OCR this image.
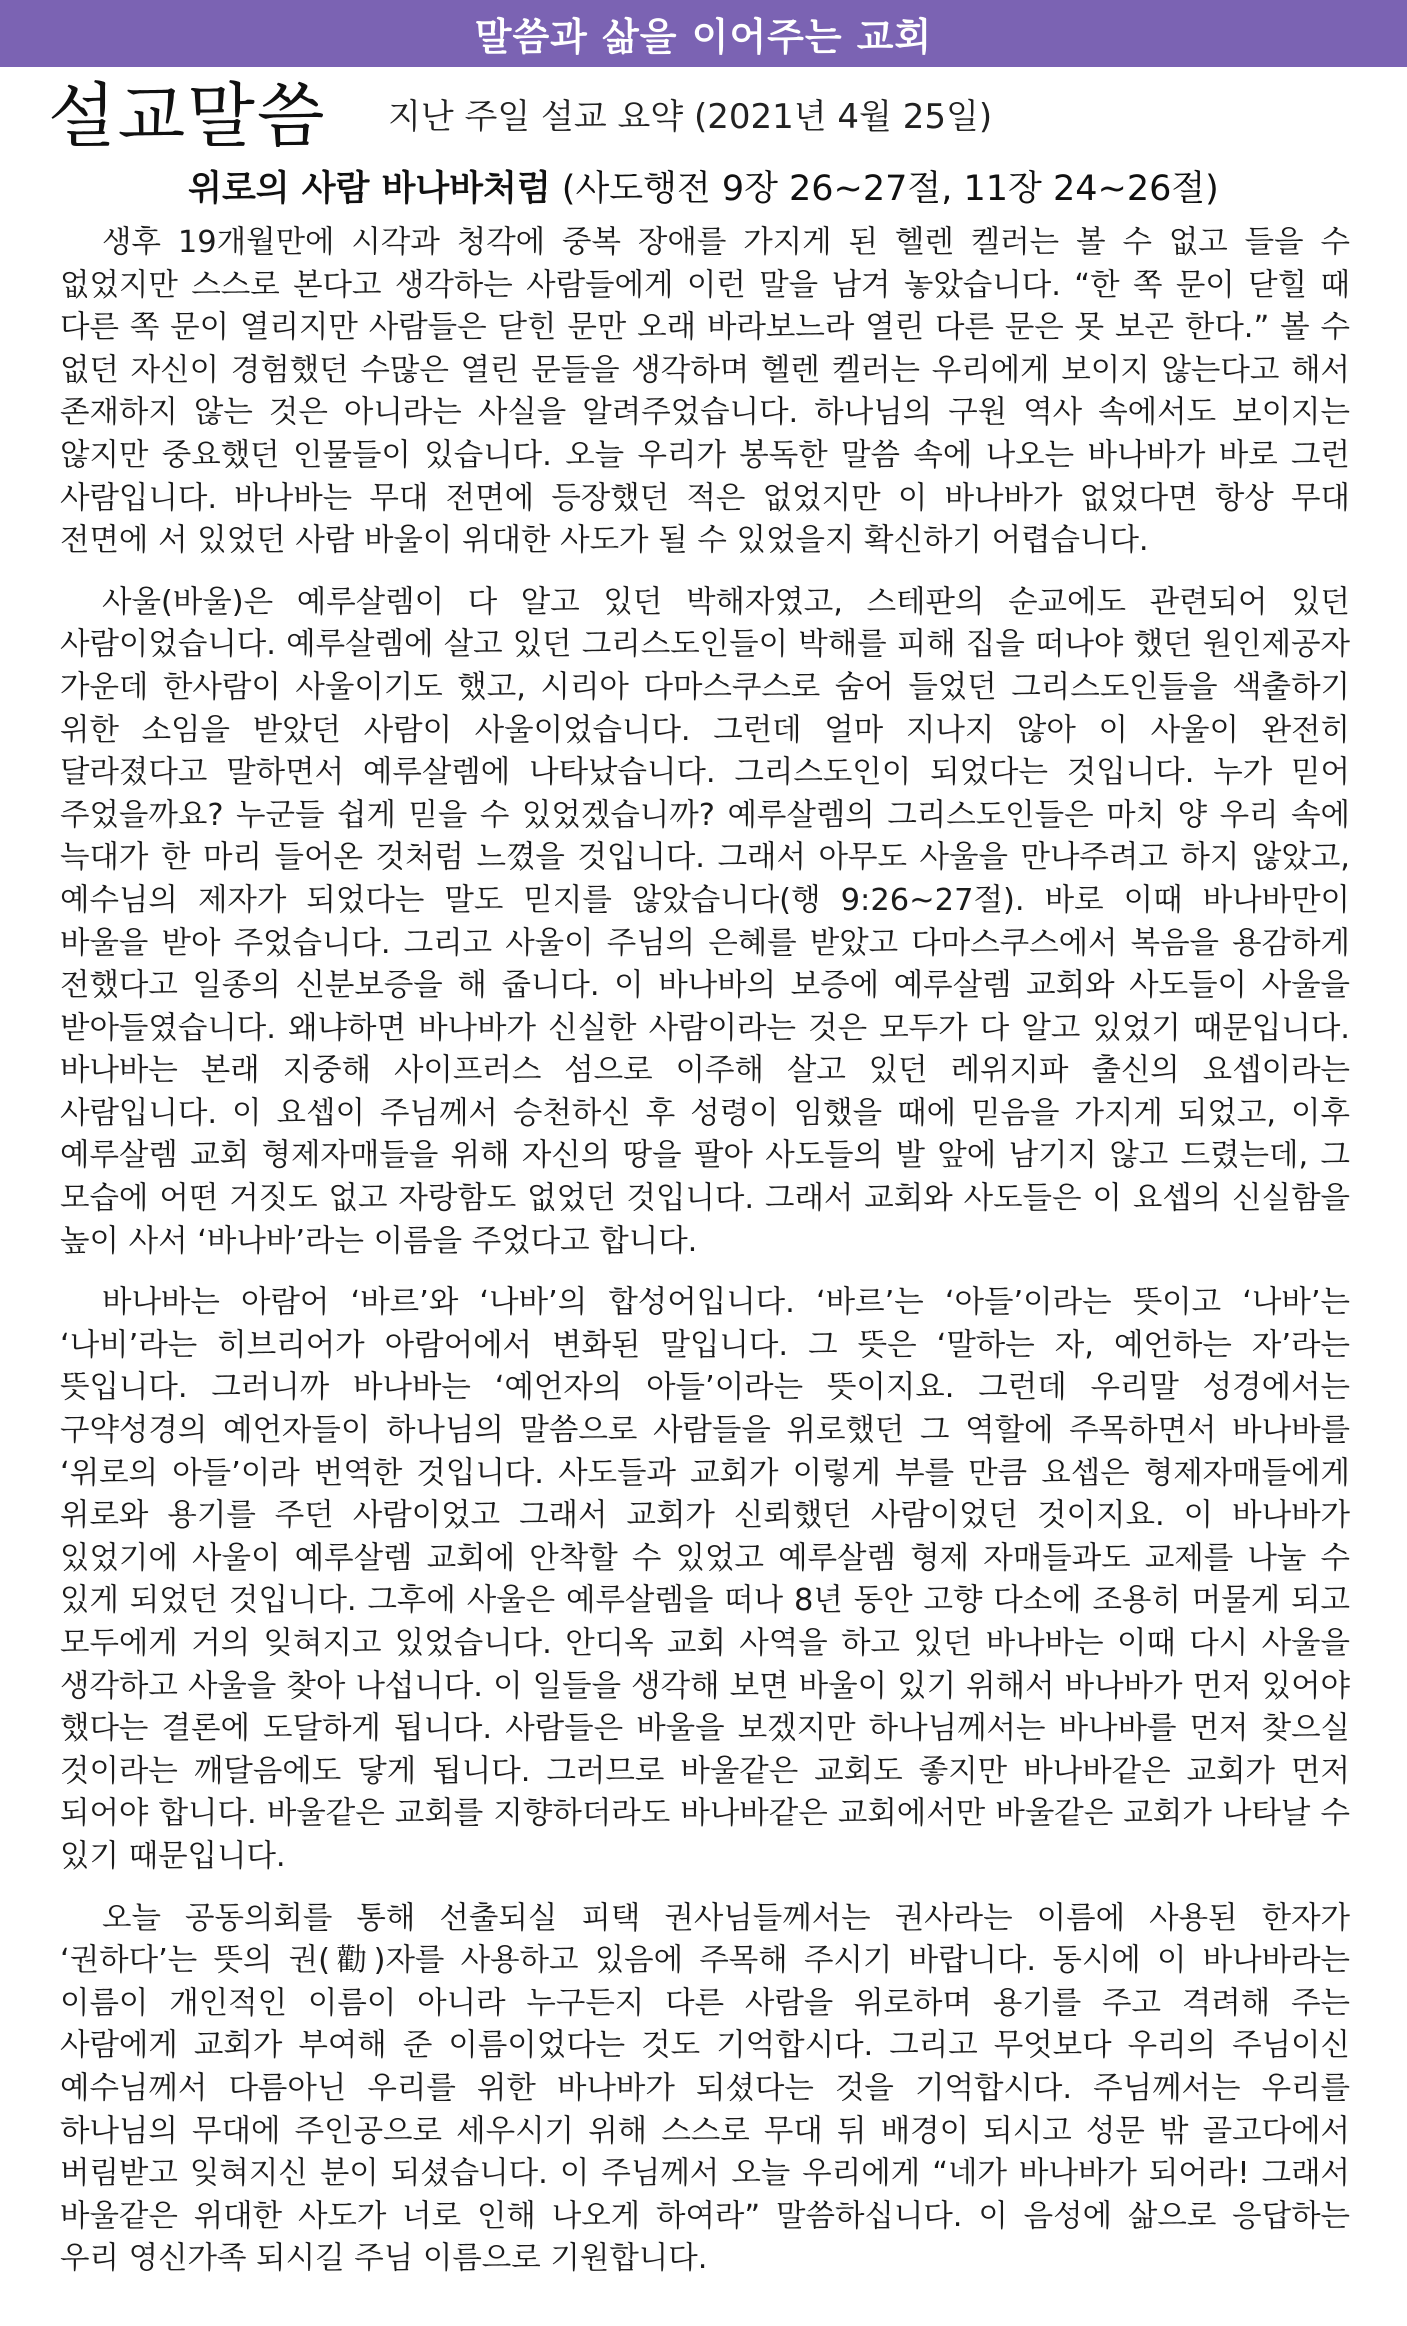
말씀과 삶을 이어주는 교회
설교말씀 지난 주일 설교 요약 (2021년 4월 25일)
위로의 사람 바나바처럼 (사도행전 9장 26~27절, 11장 24~26절)

생후 19개월만에 시각과 청각에 중복 장애를 가지게 된 헬렌 켈러는 볼 수 없고 들을 수 없었지만 스스로 본다고 생각하는 사람들에게 이런 말을 남겨 놓았습니다. “한 쪽 문이 닫힐 때 다른 쪽 문이 열리지만 사람들은 닫힌 문만 오래 바라보느라 열린 다른 문은 못 보곤 한다.” 볼 수 없던 자신이 경험했던 수많은 열린 문들을 생각하며 헬렌 켈러는 우리에게 보이지 않는다고 해서 존재하지 않는 것은 아니라는 사실을 알려주었습니다. 하나님의 구원 역사 속에서도 보이지는 않지만 중요했던 인물들이 있습니다. 오늘 우리가 봉독한 말씀 속에 나오는 바나바가 바로 그런 사람입니다. 바나바는 무대 전면에 등장했던 적은 없었지만 이 바나바가 없었다면 항상 무대 전면에 서 있었던 사람 바울이 위대한 사도가 될 수 있었을지 확신하기 어렵습니다.

사울(바울)은 예루살렘이 다 알고 있던 박해자였고, 스테판의 순교에도 관련되어 있던 사람이었습니다. 예루살렘에 살고 있던 그리스도인들이 박해를 피해 집을 떠나야 했던 원인제공자 가운데 한사람이 사울이기도 했고, 시리아 다마스쿠스로 숨어 들었던 그리스도인들을 색출하기 위한 소임을 받았던 사람이 사울이었습니다. 그런데 얼마 지나지 않아 이 사울이 완전히 달라졌다고 말하면서 예루살렘에 나타났습니다. 그리스도인이 되었다는 것입니다. 누가 믿어 주었을까요? 누군들 쉽게 믿을 수 있었겠습니까? 예루살렘의 그리스도인들은 마치 양 우리 속에 늑대가 한 마리 들어온 것처럼 느꼈을 것입니다. 그래서 아무도 사울을 만나주려고 하지 않았고, 예수님의 제자가 되었다는 말도 믿지를 않았습니다(행 9:26~27절). 바로 이때 바나바만이 바울을 받아 주었습니다. 그리고 사울이 주님의 은혜를 받았고 다마스쿠스에서 복음을 용감하게 전했다고 일종의 신분보증을 해 줍니다. 이 바나바의 보증에 예루살렘 교회와 사도들이 사울을 받아들였습니다. 왜냐하면 바나바가 신실한 사람이라는 것은 모두가 다 알고 있었기 때문입니다. 바나바는 본래 지중해 사이프러스 섬으로 이주해 살고 있던 레위지파 출신의 요셉이라는 사람입니다. 이 요셉이 주님께서 승천하신 후 성령이 임했을 때에 믿음을 가지게 되었고, 이후 예루살렘 교회 형제자매들을 위해 자신의 땅을 팔아 사도들의 발 앞에 남기지 않고 드렸는데, 그 모습에 어떤 거짓도 없고 자랑함도 없었던 것입니다. 그래서 교회와 사도들은 이 요셉의 신실함을 높이 사서 ‘바나바’라는 이름을 주었다고 합니다.

바나바는 아람어 ‘바르’와 ‘나바’의 합성어입니다. ‘바르’는 ‘아들’이라는 뜻이고 ‘나바’는 ‘나비’라는 히브리어가 아람어에서 변화된 말입니다. 그 뜻은 ‘말하는 자, 예언하는 자’라는 뜻입니다. 그러니까 바나바는 ‘예언자의 아들’이라는 뜻이지요. 그런데 우리말 성경에서는 구약성경의 예언자들이 하나님의 말씀으로 사람들을 위로했던 그 역할에 주목하면서 바나바를 ‘위로의 아들’이라 번역한 것입니다. 사도들과 교회가 이렇게 부를 만큼 요셉은 형제자매들에게 위로와 용기를 주던 사람이었고 그래서 교회가 신뢰했던 사람이었던 것이지요. 이 바나바가 있었기에 사울이 예루살렘 교회에 안착할 수 있었고 예루살렘 형제 자매들과도 교제를 나눌 수 있게 되었던 것입니다. 그후에 사울은 예루살렘을 떠나 8년 동안 고향 다소에 조용히 머물게 되고 모두에게 거의 잊혀지고 있었습니다. 안디옥 교회 사역을 하고 있던 바나바는 이때 다시 사울을 생각하고 사울을 찾아 나섭니다. 이 일들을 생각해 보면 바울이 있기 위해서 바나바가 먼저 있어야 했다는 결론에 도달하게 됩니다. 사람들은 바울을 보겠지만 하나님께서는 바나바를 먼저 찾으실 것이라는 깨달음에도 닿게 됩니다. 그러므로 바울같은 교회도 좋지만 바나바같은 교회가 먼저 되어야 합니다. 바울같은 교회를 지향하더라도 바나바같은 교회에서만 바울같은 교회가 나타날 수 있기 때문입니다.

오늘 공동의회를 통해 선출되실 피택 권사님들께서는 권사라는 이름에 사용된 한자가 ‘권하다’는 뜻의 권(勸)자를 사용하고 있음에 주목해 주시기 바랍니다. 동시에 이 바나바라는 이름이 개인적인 이름이 아니라 누구든지 다른 사람을 위로하며 용기를 주고 격려해 주는 사람에게 교회가 부여해 준 이름이었다는 것도 기억합시다. 그리고 무엇보다 우리의 주님이신 예수님께서 다름아닌 우리를 위한 바나바가 되셨다는 것을 기억합시다. 주님께서는 우리를 하나님의 무대에 주인공으로 세우시기 위해 스스로 무대 뒤 배경이 되시고 성문 밖 골고다에서 버림받고 잊혀지신 분이 되셨습니다. 이 주님께서 오늘 우리에게 “네가 바나바가 되어라! 그래서 바울같은 위대한 사도가 너로 인해 나오게 하여라” 말씀하십니다. 이 음성에 삶으로 응답하는 우리 영신가족 되시길 주님 이름으로 기원합니다.
